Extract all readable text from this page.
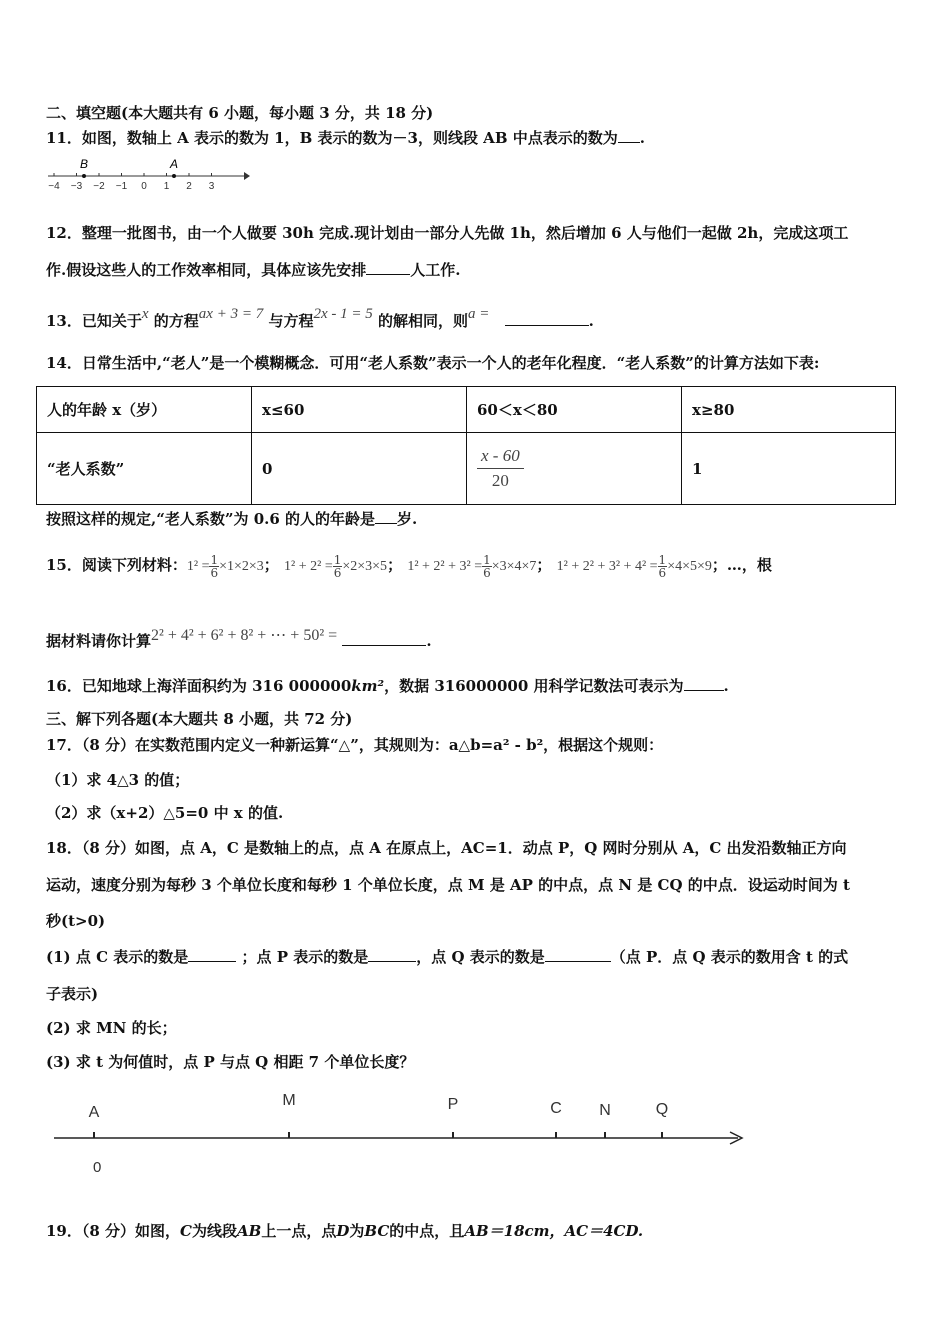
二、填空题(本大题共有 6 小题，每小题 3 分，共 18 分)
11．如图，数轴上 A 表示的数为 1，B 表示的数为－3，则线段 AB 中点表示的数为 .
−4 −3 −2 −1 0 1 2 3
B	A
12．整理一批图书，由一个人做要 30h 完成.现计划由一部分人先做 1h，然后增加 6 人与他们一起做 2h，完成这项工
作.假设这些人的工作效率相同，具体应该先安排	人工作.
13．已知关于x 的方程ax + 3 = 7 与方程2x - 1 = 5 的解相同，则a =	.
14．日常生活中,“老人”是一个模糊概念．可用“老人系数”表示一个人的老年化程度．“老人系数”的计算方法如下表:
人的年龄 x（岁）	x≤60	60＜x＜80	x≥80
“老人系数”	0	$\frac{x - 60}{20}$	1
按照这样的规定,“老人系数”为 0.6 的人的年龄是 岁.
15．阅读下列材料：$1^2 = \frac{1}{6} \times 1\times 2\times 3$； $1^2 + 2^2 = \frac{1}{6} \times 2\times 3\times 5$； $1^2 + 2^2 + 3^2 = \frac{1}{6} \times 3\times 4\times 7$； $1^2 + 2^2 + 3^2 + 4^2 = \frac{1}{6} \times 4\times 5\times 9$；…，根
据材料请你计算2² + 4² + 6² + 8² + ⋯ + 50² =	.
16．已知地球上海洋面积约为 316 000000km²，数据 316000000 用科学记数法可表示为	.
三、解下列各题(本大题共 8 小题，共 72 分)
17．（8 分）在实数范围内定义一种新运算“△”，其规则为：a△b=a² - b²，根据这个规则：
（1）求 4△3 的值；
（2）求（x+2）△5=0 中 x 的值.
18．（8 分）如图，点 A，C 是数轴上的点，点 A 在原点上，AC=1．动点 P，Q 网时分别从 A，C 出发沿数轴正方向
运动，速度分别为每秒 3 个单位长度和每秒 1 个单位长度，点 M 是 AP 的中点，点 N 是 CQ 的中点．设运动时间为 t
秒(t>0)
(1) 点 C 表示的数是	；点 P 表示的数是	，点 Q 表示的数是	（点 P．点 Q 表示的数用含 t 的式
子表示)
(2) 求 MN 的长；
(3) 求 t 为何值时，点 P 与点 Q 相距 7 个单位长度？
A
M	P	C N	Q
0
19．（8 分）如图，C为线段AB上一点，点D为BC的中点，且AB＝18cm，AC＝4CD.
